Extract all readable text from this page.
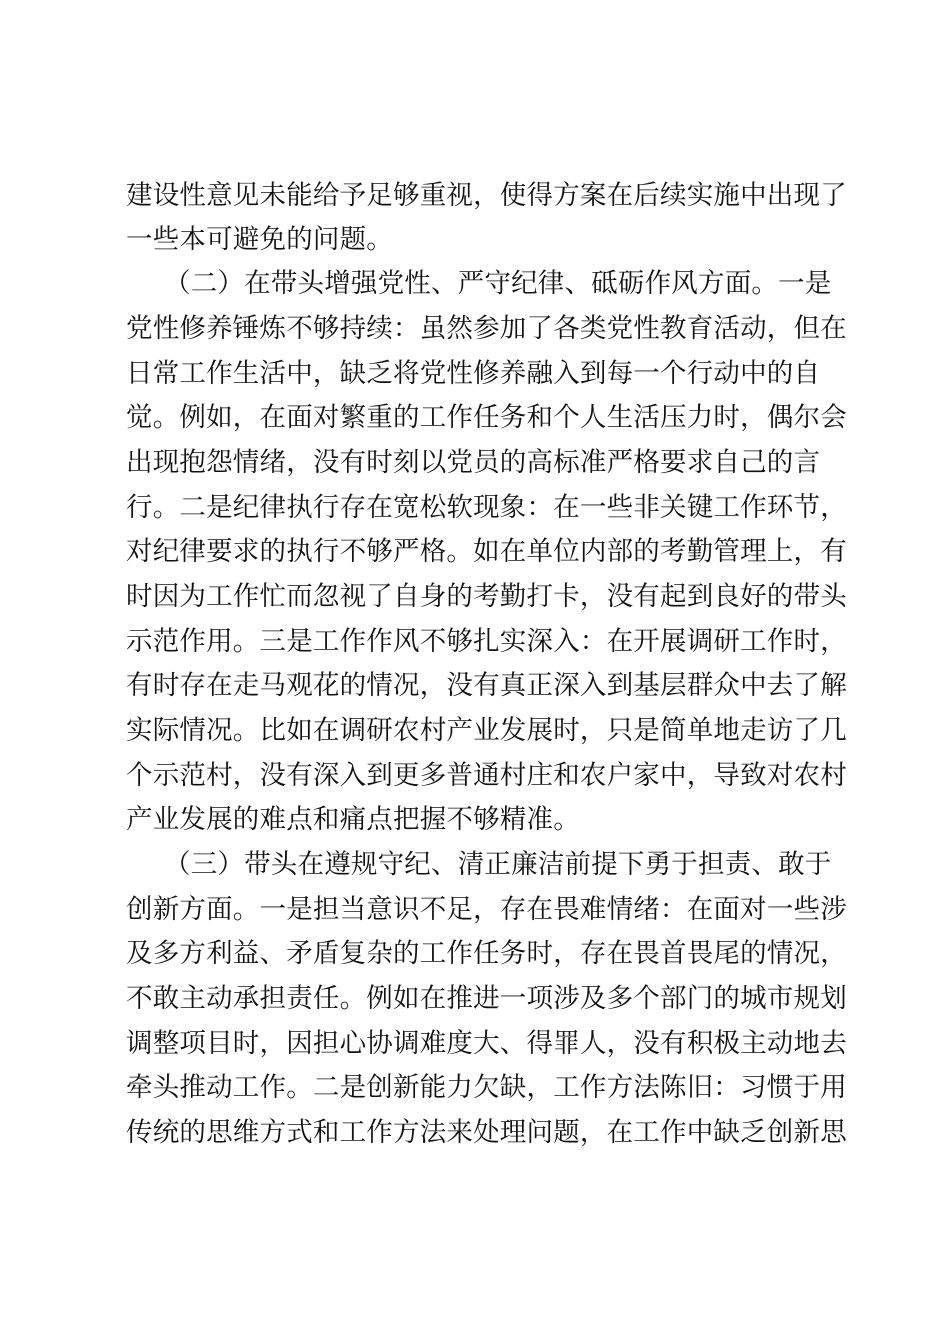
建设性意见未能给予足够重视，使得方案在后续实施中出现了
一些本可避免的问题。
（二）在带头增强党性、严守纪律、砥砺作风方面。一是
党性修养锤炼不够持续：虽然参加了各类党性教育活动，但在
日常工作生活中，缺乏将党性修养融入到每一个行动中的自
觉。例如，在面对繁重的工作任务和个人生活压力时，偶尔会
出现抱怨情绪，没有时刻以党员的高标准严格要求自己的言
行。二是纪律执行存在宽松软现象：在一些非关键工作环节，
对纪律要求的执行不够严格。如在单位内部的考勤管理上，有
时因为工作忙而忽视了自身的考勤打卡，没有起到良好的带头
示范作用。三是工作作风不够扎实深入：在开展调研工作时，
有时存在走马观花的情况，没有真正深入到基层群众中去了解
实际情况。比如在调研农村产业发展时，只是简单地走访了几
个示范村，没有深入到更多普通村庄和农户家中，导致对农村
产业发展的难点和痛点把握不够精准。
（三）带头在遵规守纪、清正廉洁前提下勇于担责、敢于
创新方面。一是担当意识不足，存在畏难情绪：在面对一些涉
及多方利益、矛盾复杂的工作任务时，存在畏首畏尾的情况，
不敢主动承担责任。例如在推进一项涉及多个部门的城市规划
调整项目时，因担心协调难度大、得罪人，没有积极主动地去
牵头推动工作。二是创新能力欠缺，工作方法陈旧：习惯于用
传统的思维方式和工作方法来处理问题，在工作中缺乏创新思
